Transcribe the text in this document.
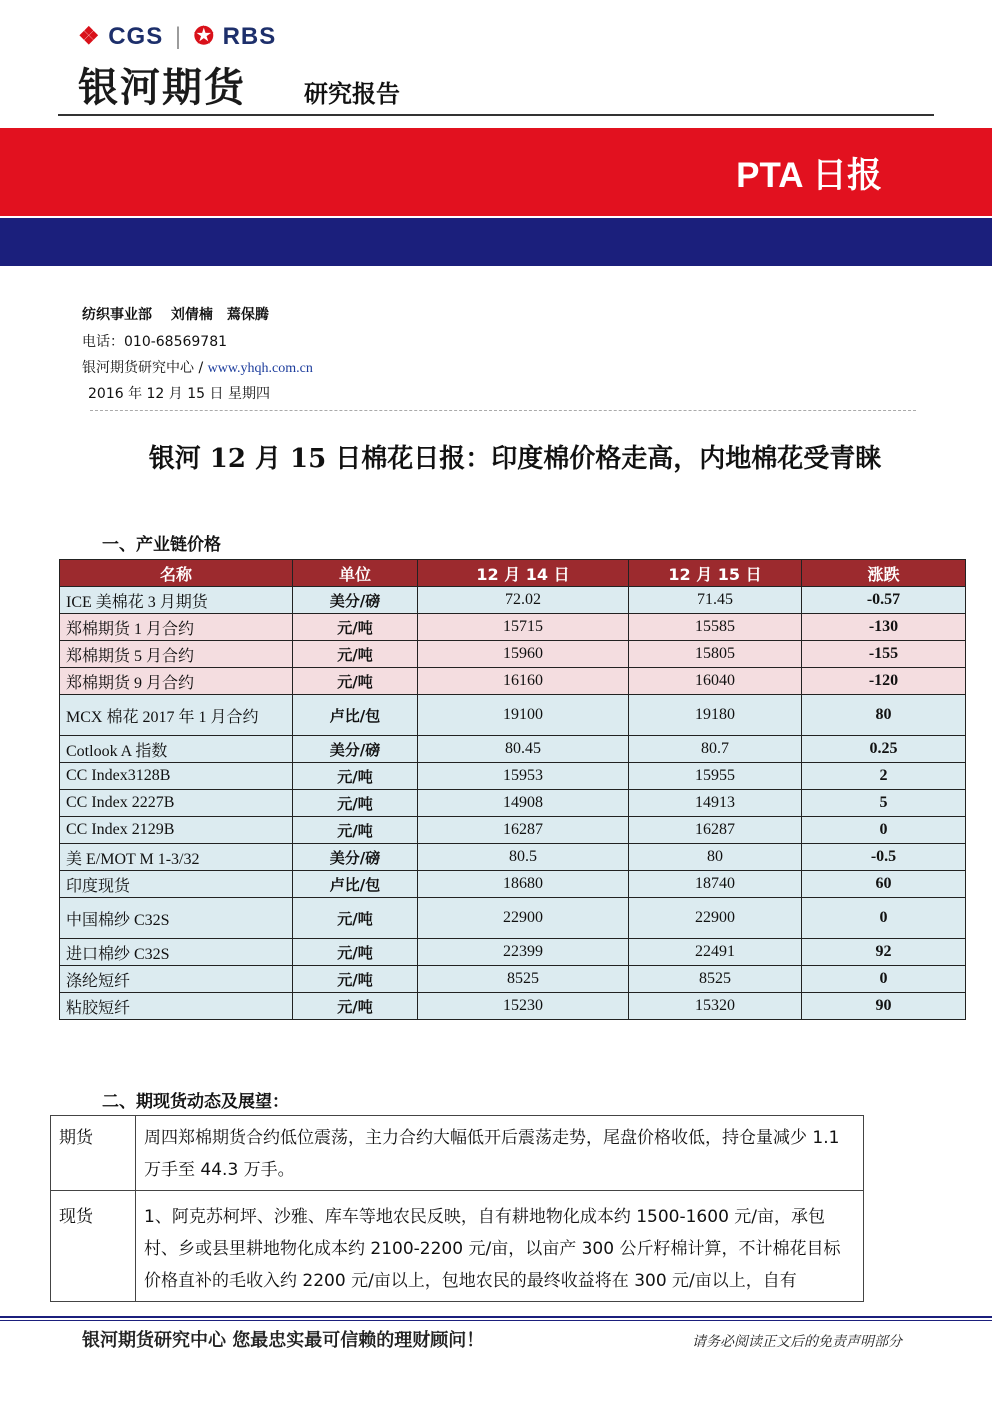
❖ CGS | ✪ RBS
银河期货 研究报告
PTA 日报
纺织事业部　 刘倩楠　蔫保腾
电话：010-68569781
银河期货研究中心 / www.yhqh.com.cn
2016 年 12 月 15 日 星期四
银河 12 月 15 日棉花日报：印度棉价格走高，内地棉花受青睐
一、产业链价格
名称	单位	12 月 14 日	12 月 15 日	涨跌
ICE 美棉花 3 月期货	美分/磅	72.02	71.45	-0.57
郑棉期货 1 月合约	元/吨	15715	15585	-130
郑棉期货 5 月合约	元/吨	15960	15805	-155
郑棉期货 9 月合约	元/吨	16160	16040	-120
MCX 棉花 2017 年 1 月合约	卢比/包	19100	19180	80
Cotlook A 指数	美分/磅	80.45	80.7	0.25
CC Index3128B	元/吨	15953	15955	2
CC Index 2227B	元/吨	14908	14913	5
CC Index 2129B	元/吨	16287	16287	0
美 E/MOT M 1-3/32	美分/磅	80.5	80	-0.5
印度现货	卢比/包	18680	18740	60
中国棉纱 C32S	元/吨	22900	22900	0
进口棉纱 C32S	元/吨	22399	22491	92
涤纶短纤	元/吨	8525	8525	0
粘胶短纤	元/吨	15230	15320	90
二、期现货动态及展望：
期货	周四郑棉期货合约低位震荡，主力合约大幅低开后震荡走势，尾盘价格收低，持仓量减少 1.1 万手至 44.3 万手。
现货	1、阿克苏柯坪、沙雅、库车等地农民反映，自有耕地物化成本约 1500-1600 元/亩，承包村、乡或县里耕地物化成本约 2100-2200 元/亩，以亩产 300 公斤籽棉计算，不计棉花目标价格直补的毛收入约 2200 元/亩以上，包地农民的最终收益将在 300 元/亩以上，自有
银河期货研究中心 您最忠实最可信赖的理财顾问！	请务必阅读正文后的免责声明部分
